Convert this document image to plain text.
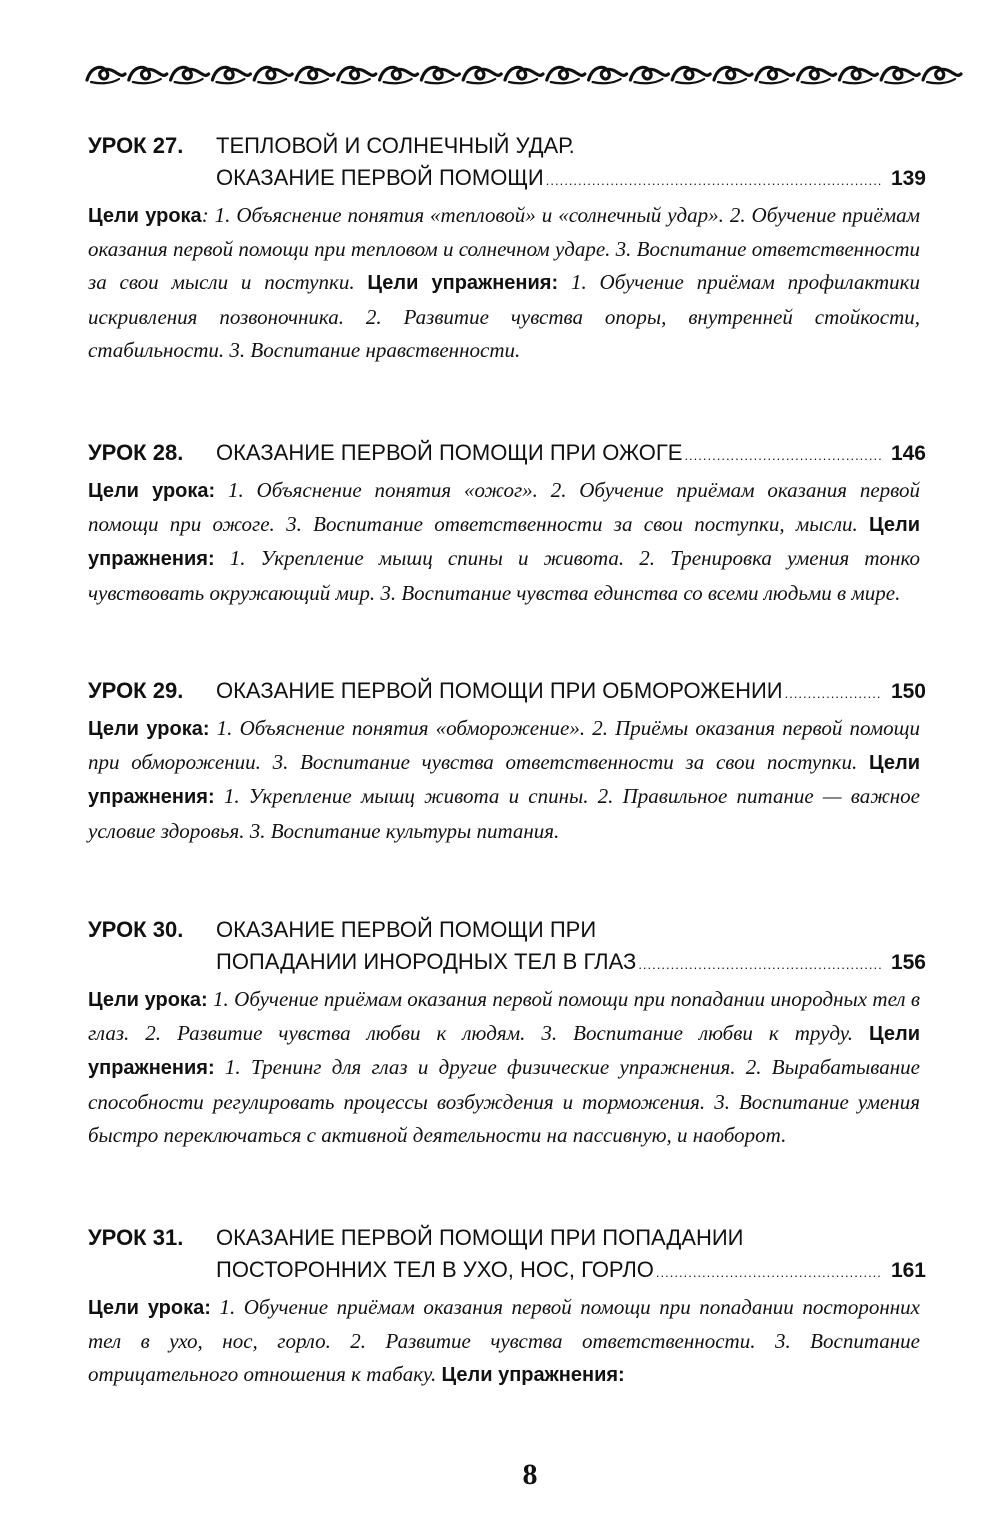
УРОК 27.	ТЕПЛОВОЙ И СОЛНЕЧНЫЙ УДАР.
ОКАЗАНИЕ ПЕРВОЙ ПОМОЩИ .....	139

Цели урока: 1. Объяснение понятия «тепловой» и «солнечный удар». 2. Обучение приёмам оказания первой помощи при тепловом и солнечном ударе. 3. Воспитание ответственности за свои мысли и поступки. Цели упражнения: 1. Обучение приёмам профилактики искривления позвоночника. 2. Развитие чувства опоры, внутренней стойкости, стабильности. 3. Воспитание нравственности.

УРОК 28.	ОКАЗАНИЕ ПЕРВОЙ ПОМОЩИ ПРИ ОЖОГЕ .....	146

Цели урока: 1. Объяснение понятия «ожог». 2. Обучение приёмам оказания первой помощи при ожоге. 3. Воспитание ответственности за свои поступки, мысли. Цели упражнения: 1. Укрепление мышц спины и живота. 2. Тренировка умения тонко чувствовать окружающий мир. 3. Воспитание чувства единства со всеми людьми в мире.

УРОК 29.	ОКАЗАНИЕ ПЕРВОЙ ПОМОЩИ ПРИ ОБМОРОЖЕНИИ .....	150

Цели урока: 1. Объяснение понятия «обморожение». 2. Приёмы оказания первой помощи при обморожении. 3. Воспитание чувства ответственности за свои поступки. Цели упражнения: 1. Укрепление мышц живота и спины. 2. Правильное питание — важное условие здоровья. 3. Воспитание культуры питания.

УРОК 30.	ОКАЗАНИЕ ПЕРВОЙ ПОМОЩИ ПРИ
ПОПАДАНИИ ИНОРОДНЫХ ТЕЛ В ГЛАЗ .....	156

Цели урока: 1. Обучение приёмам оказания первой помощи при попадании инородных тел в глаз. 2. Развитие чувства любви к людям. 3. Воспитание любви к труду. Цели упражнения: 1. Тренинг для глаз и другие физические упражнения. 2. Вырабатывание способности регулировать процессы возбуждения и торможения. 3. Воспитание умения быстро переключаться с активной деятельности на пассивную, и наоборот.

УРОК 31.	ОКАЗАНИЕ ПЕРВОЙ ПОМОЩИ ПРИ ПОПАДАНИИ
ПОСТОРОННИХ ТЕЛ В УХО, НОС, ГОРЛО .....	161

Цели урока: 1. Обучение приёмам оказания первой помощи при попадании посторонних тел в ухо, нос, горло. 2. Развитие чувства ответственности. 3. Воспитание отрицательного отношения к табаку. Цели упражнения:

8
